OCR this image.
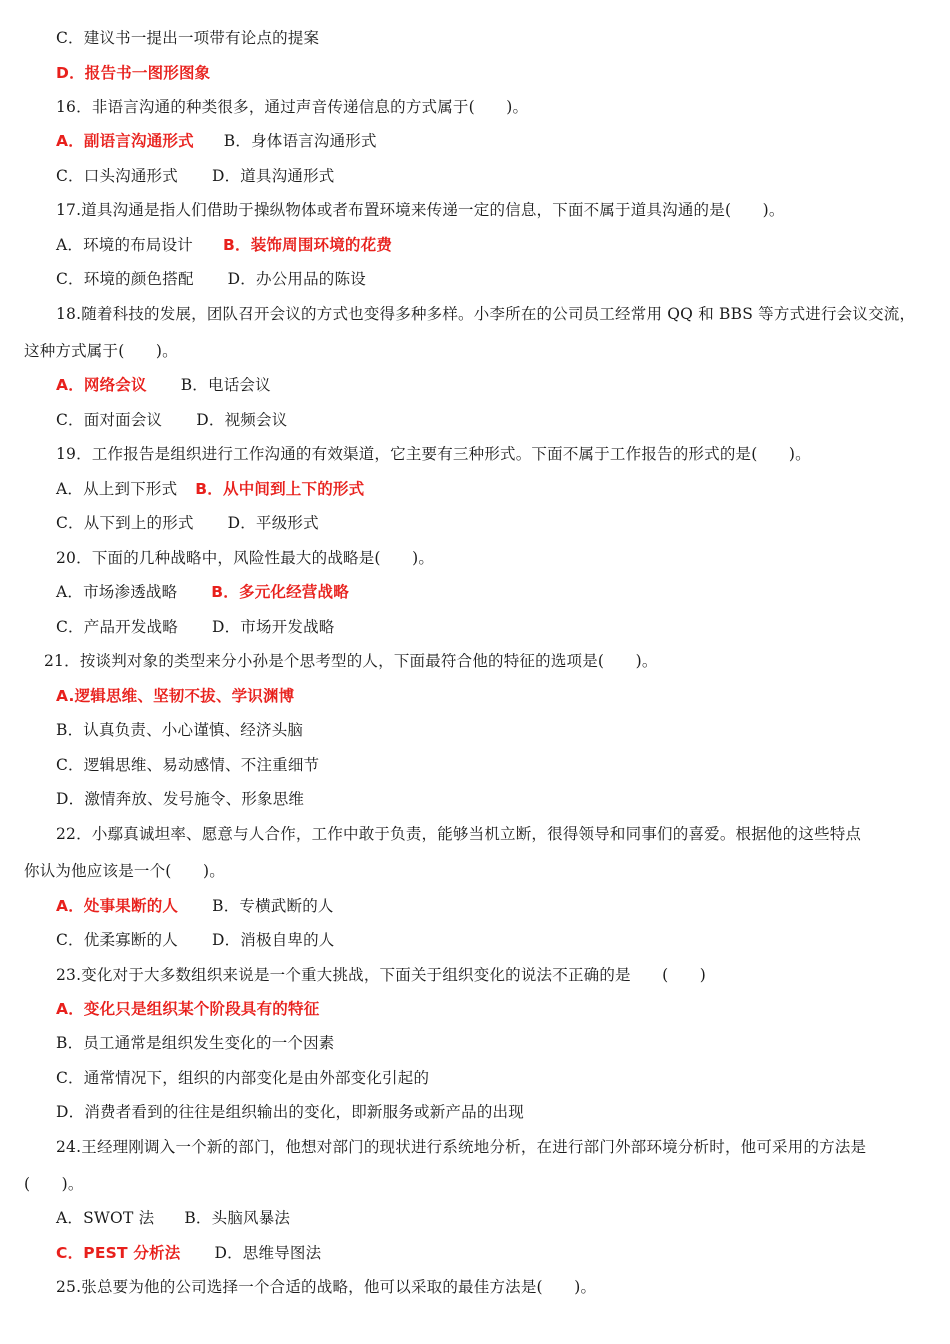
C．建议书一提出一项带有论点的提案
D．报告书一图形图象
16．非语言沟通的种类很多，通过声音传递信息的方式属于(　　)。
A．副语言沟通形式 B．身体语言沟通形式
C．口头沟通形式 D．道具沟通形式
17.道具沟通是指人们借助于操纵物体或者布置环境来传递一定的信息，下面不属于道具沟通的是(　　)。
A．环境的布局设计 B．装饰周围环境的花费
C．环境的颜色搭配 D．办公用品的陈设
18.随着科技的发展，团队召开会议的方式也变得多种多样。小李所在的公司员工经常用 QQ 和 BBS 等方式进行会议交流，
这种方式属于(　　)。
A．网络会议 B．电话会议
C．面对面会议 D．视频会议
19．工作报告是组织进行工作沟通的有效渠道，它主要有三种形式。下面不属于工作报告的形式的是(　　)。
A．从上到下形式 B．从中间到上下的形式
C．从下到上的形式 D．平级形式
20．下面的几种战略中，风险性最大的战略是(　　)。
A．市场渗透战略 B．多元化经营战略
C．产品开发战略 D．市场开发战略
21．按谈判对象的类型来分小孙是个思考型的人，下面最符合他的特征的选项是(　　)。
A.逻辑思维、坚韧不拔、学识渊博
B．认真负责、小心谨慎、经济头脑
C．逻辑思维、易动感情、不注重细节
D．激情奔放、发号施令、形象思维
22．小鄢真诚坦率、愿意与人合作，工作中敢于负责，能够当机立断，很得领导和同事们的喜爱。根据他的这些特点
你认为他应该是一个(　　)。
A．处事果断的人 B．专横武断的人
C．优柔寡断的人 D．消极自卑的人
23.变化对于大多数组织来说是一个重大挑战，下面关于组织变化的说法不正确的是　　(　　)
A．变化只是组织某个阶段具有的特征
B．员工通常是组织发生变化的一个因素
C．通常情况下，组织的内部变化是由外部变化引起的
D．消费者看到的往往是组织输出的变化，即新服务或新产品的出现
24.王经理刚调入一个新的部门，他想对部门的现状进行系统地分析，在进行部门外部环境分析时，他可采用的方法是
(　　)。
A．SWOT 法 B．头脑风暴法
C．PEST 分析法 D．思维导图法
25.张总要为他的公司选择一个合适的战略，他可以采取的最佳方法是(　　)。
